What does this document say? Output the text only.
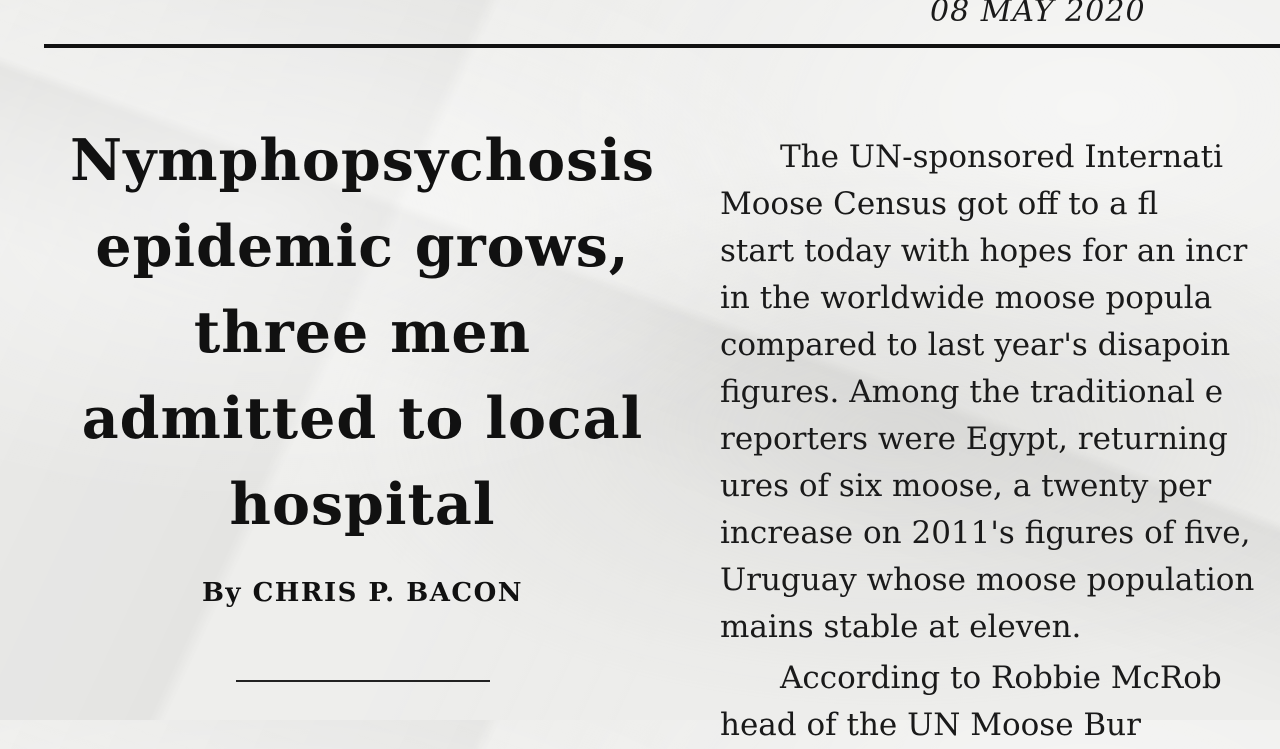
08 MAY 2020
Nymphopsychosis epidemic grows, three men admitted to local hospital
By CHRIS P. BACON

The UN-sponsored Internati
Moose Census got off to a fl
start today with hopes for an incr
in the worldwide moose popula
compared to last year's disapoin
figures. Among the traditional e
reporters were Egypt, returning
ures of six moose, a twenty per
increase on 2011's figures of five,
Uruguay whose moose population
mains stable at eleven.

According to Robbie McRob
head of the UN Moose Bur
